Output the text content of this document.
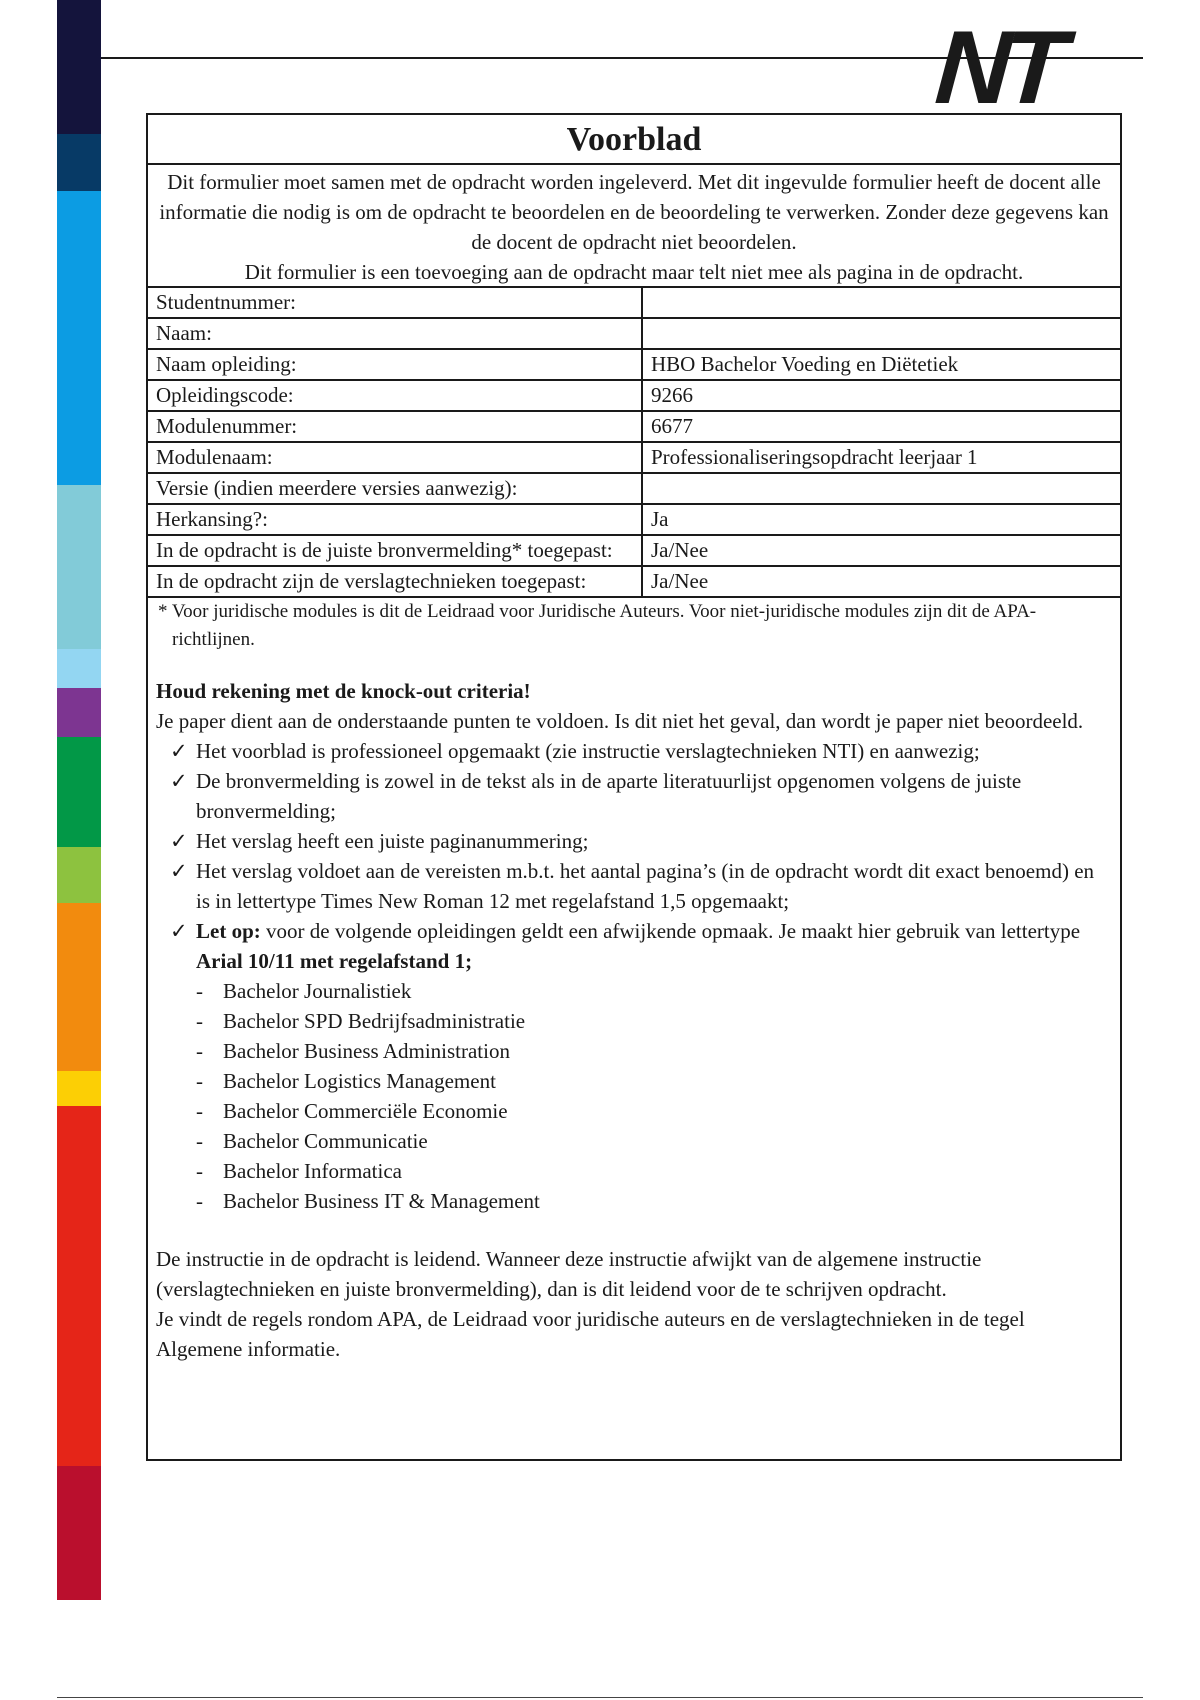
NT
Voorblad

Dit formulier moet samen met de opdracht worden ingeleverd. Met dit ingevulde formulier heeft de docent alle informatie die nodig is om de opdracht te beoordelen en de beoordeling te verwerken. Zonder deze gegevens kan de docent de opdracht niet beoordelen.

Dit formulier is een toevoeging aan de opdracht maar telt niet mee als pagina in de opdracht.

Studentnummer:	
Naam:	
Naam opleiding:	HBO Bachelor Voeding en Diëtetiek
Opleidingscode:	9266
Modulenummer:	6677
Modulenaam:	Professionaliseringsopdracht leerjaar 1
Versie (indien meerdere versies aanwezig):	
Herkansing?:	Ja
In de opdracht is de juiste bronvermelding* toegepast:	Ja/Nee
In de opdracht zijn de verslagtechnieken toegepast:	Ja/Nee

* Voor juridische modules is dit de Leidraad voor Juridische Auteurs. Voor niet-juridische modules zijn dit de APA-richtlijnen.

Houd rekening met de knock-out criteria!

Je paper dient aan de onderstaande punten te voldoen. Is dit niet het geval, dan wordt je paper niet beoordeeld.

✓ Het voorblad is professioneel opgemaakt (zie instructie verslagtechnieken NTI) en aanwezig;
✓ De bronvermelding is zowel in de tekst als in de aparte literatuurlijst opgenomen volgens de juiste bronvermelding;
✓ Het verslag heeft een juiste paginanummering;
✓ Het verslag voldoet aan de vereisten m.b.t. het aantal pagina’s (in de opdracht wordt dit exact benoemd) en is in lettertype Times New Roman 12 met regelafstand 1,5 opgemaakt;
✓ Let op: voor de volgende opleidingen geldt een afwijkende opmaak. Je maakt hier gebruik van lettertype Arial 10/11 met regelafstand 1;
- Bachelor Journalistiek
- Bachelor SPD Bedrijfsadministratie
- Bachelor Business Administration
- Bachelor Logistics Management
- Bachelor Commerciële Economie
- Bachelor Communicatie
- Bachelor Informatica
- Bachelor Business IT & Management

De instructie in de opdracht is leidend. Wanneer deze instructie afwijkt van de algemene instructie (verslagtechnieken en juiste bronvermelding), dan is dit leidend voor de te schrijven opdracht.

Je vindt de regels rondom APA, de Leidraad voor juridische auteurs en de verslagtechnieken in de tegel Algemene informatie.
